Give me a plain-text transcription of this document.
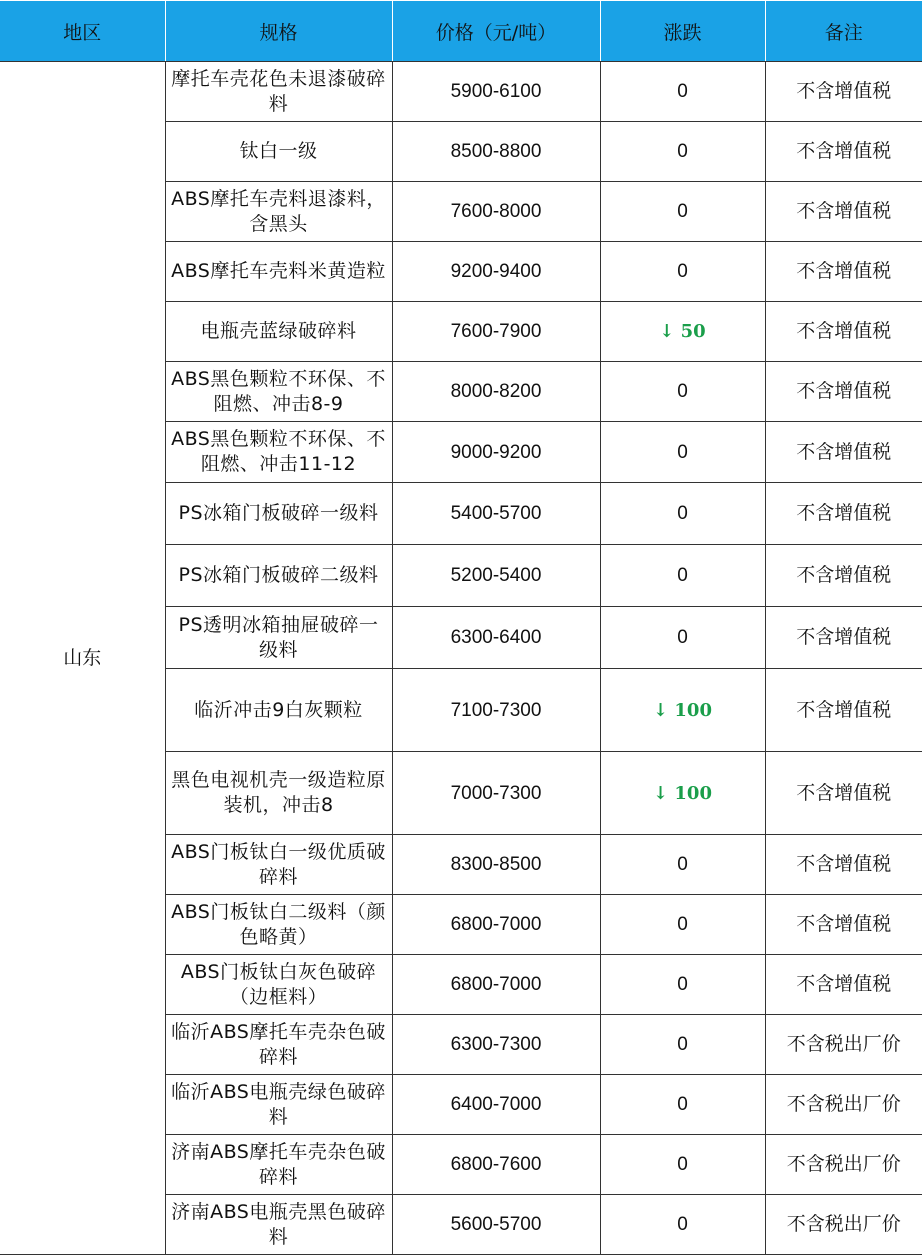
地区	规格	价格（元/吨）	涨跌	备注
山东	摩托车壳花色未退漆破碎料	5900-6100	0	不含增值税
	钛白一级	8500-8800	0	不含增值税
	ABS摩托车壳料退漆料，含黑头	7600-8000	0	不含增值税
	ABS摩托车壳料米黄造粒	9200-9400	0	不含增值税
	电瓶壳蓝绿破碎料	7600-7900	↓ 50	不含增值税
	ABS黑色颗粒不环保、不阻燃、冲击8-9	8000-8200	0	不含增值税
	ABS黑色颗粒不环保、不阻燃、冲击11-12	9000-9200	0	不含增值税
	PS冰箱门板破碎一级料	5400-5700	0	不含增值税
	PS冰箱门板破碎二级料	5200-5400	0	不含增值税
	PS透明冰箱抽屉破碎一级料	6300-6400	0	不含增值税
	临沂冲击9白灰颗粒	7100-7300	↓ 100	不含增值税
	黑色电视机壳一级造粒原装机，冲击8	7000-7300	↓ 100	不含增值税
	ABS门板钛白一级优质破碎料	8300-8500	0	不含增值税
	ABS门板钛白二级料（颜色略黄）	6800-7000	0	不含增值税
	ABS门板钛白灰色破碎（边框料）	6800-7000	0	不含增值税
	临沂ABS摩托车壳杂色破碎料	6300-7300	0	不含税出厂价
	临沂ABS电瓶壳绿色破碎料	6400-7000	0	不含税出厂价
	济南ABS摩托车壳杂色破碎料	6800-7600	0	不含税出厂价
	济南ABS电瓶壳黑色破碎料	5600-5700	0	不含税出厂价
